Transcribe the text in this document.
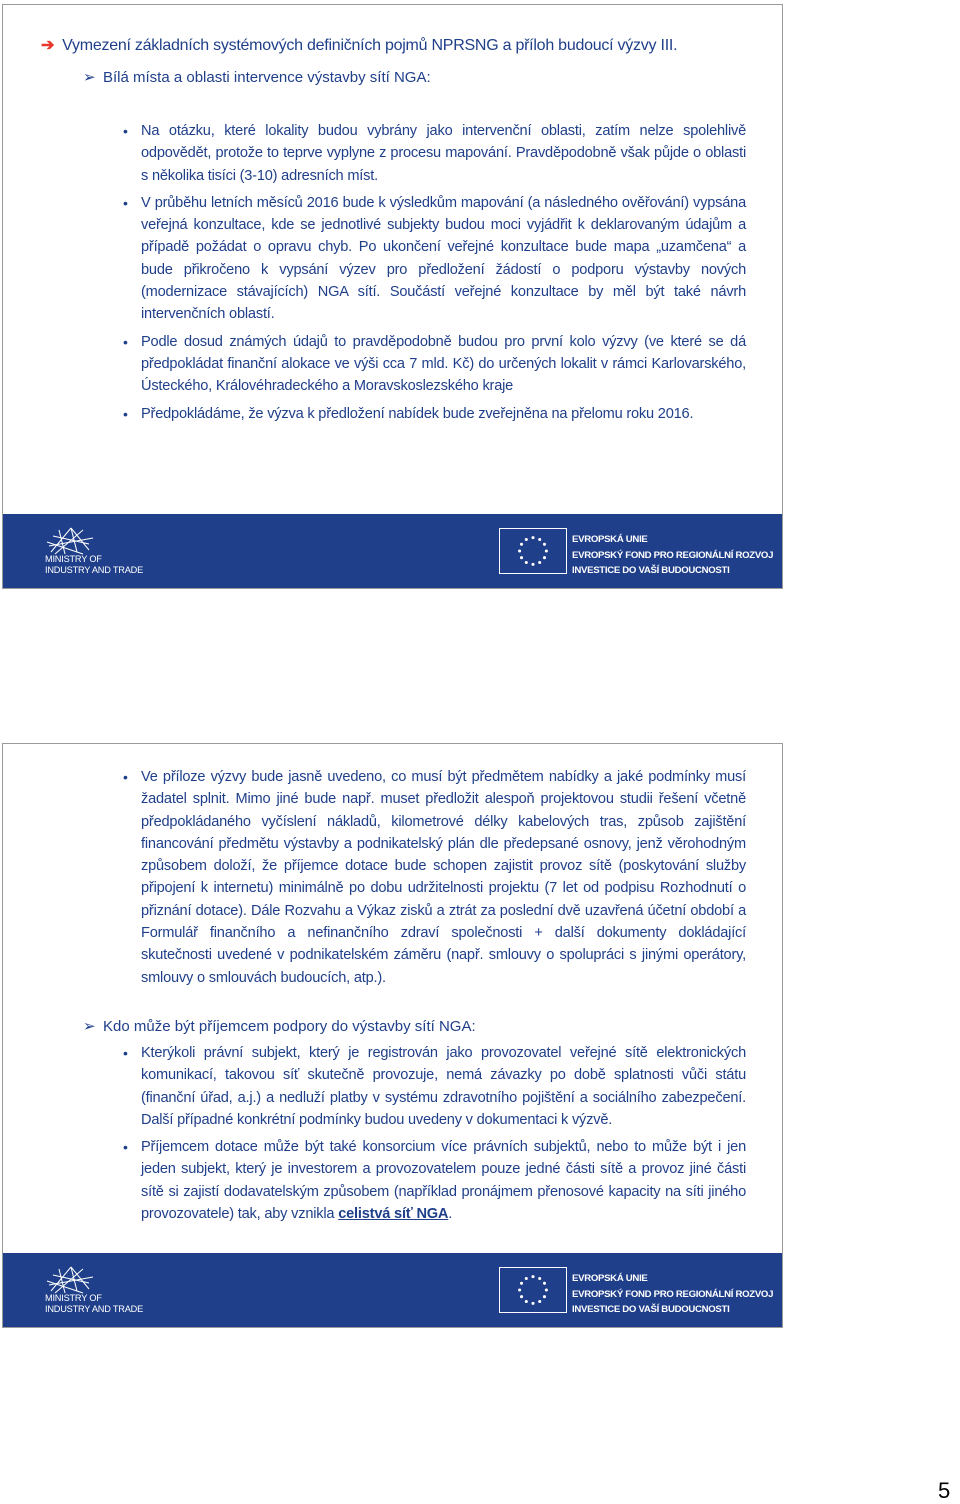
➔ Vymezení základních systémových definičních pojmů NPRSNG a příloh budoucí výzvy III.
➢ Bílá místa a oblasti intervence výstavby sítí NGA:
• Na otázku, které lokality budou vybrány jako intervenční oblasti, zatím nelze spolehlivě odpovědět, protože to teprve vyplyne z procesu mapování. Pravděpodobně však půjde o oblasti s několika tisíci (3-10) adresních míst.
• V průběhu letních měsíců 2016 bude k výsledkům mapování (a následného ověřování) vypsána veřejná konzultace, kde se jednotlivé subjekty budou moci vyjádřit k deklarovaným údajům a případě požádat o opravu chyb. Po ukončení veřejné konzultace bude mapa „uzamčena“ a bude přikročeno k vypsání výzev pro předložení žádostí o podporu výstavby nových (modernizace stávajících) NGA sítí. Součástí veřejné konzultace by měl být také návrh intervenčních oblastí.
• Podle dosud známých údajů to pravděpodobně budou pro první kolo výzvy (ve které se dá předpokládat finanční alokace ve výši cca 7 mld. Kč) do určených lokalit v rámci Karlovarského, Ústeckého, Královéhradeckého a Moravskoslezského kraje
• Předpokládáme, že výzva k předložení nabídek bude zveřejněna na přelomu roku 2016.
MINISTRY OF
INDUSTRY AND TRADE
EVROPSKÁ UNIE
EVROPSKÝ FOND PRO REGIONÁLNÍ ROZVOJ
INVESTICE DO VAŠÍ BUDOUCNOSTI
• Ve příloze výzvy bude jasně uvedeno, co musí být předmětem nabídky a jaké podmínky musí žadatel splnit. Mimo jiné bude např. muset předložit alespoň projektovou studii řešení včetně předpokládaného vyčíslení nákladů, kilometrové délky kabelových tras, způsob zajištění financování předmětu výstavby a podnikatelský plán dle předepsané osnovy, jenž věrohodným způsobem doloží, že příjemce dotace bude schopen zajistit provoz sítě (poskytování služby připojení k internetu) minimálně po dobu udržitelnosti projektu (7 let od podpisu Rozhodnutí o přiznání dotace). Dále Rozvahu a Výkaz zisků a ztrát za poslední dvě uzavřená účetní období a Formulář finančního a nefinančního zdraví společnosti + další dokumenty dokládající skutečnosti uvedené v podnikatelském záměru (např. smlouvy o spolupráci s jinými operátory, smlouvy o smlouvách budoucích, atp.).
➢ Kdo může být příjemcem podpory do výstavby sítí NGA:
• Kterýkoli právní subjekt, který je registrován jako provozovatel veřejné sítě elektronických komunikací, takovou síť skutečně provozuje, nemá závazky po době splatnosti vůči státu (finanční úřad, a.j.) a nedluží platby v systému zdravotního pojištění a sociálního zabezpečení. Další případné konkrétní podmínky budou uvedeny v dokumentaci k výzvě.
• Příjemcem dotace může být také konsorcium více právních subjektů, nebo to může být i jen jeden subjekt, který je investorem a provozovatelem pouze jedné části sítě a provoz jiné části sítě si zajistí dodavatelským způsobem (například pronájmem přenosové kapacity na síti jiného provozovatele) tak, aby vznikla celistvá síť NGA.
MINISTRY OF
INDUSTRY AND TRADE
EVROPSKÁ UNIE
EVROPSKÝ FOND PRO REGIONÁLNÍ ROZVOJ
INVESTICE DO VAŠÍ BUDOUCNOSTI
5
